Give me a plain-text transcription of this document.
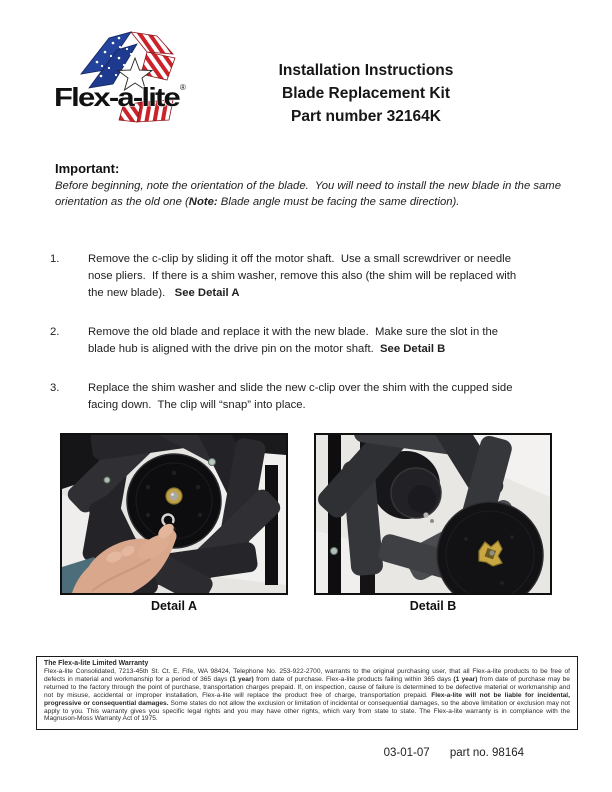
Flex-a-lite ®
Installation Instructions
Blade Replacement Kit
Part number 32164K
Important:
Before beginning, note the orientation of the blade.  You will need to install the new blade in the same orientation as the old one (Note: Blade angle must be facing the same direction).
1.	Remove the c-clip by sliding it off the motor shaft.  Use a small screwdriver or needle nose pliers.  If there is a shim washer, remove this also (the shim will be replaced with the new blade).   See Detail A
2.	Remove the old blade and replace it with the new blade.  Make sure the slot in the blade hub is aligned with the drive pin on the motor shaft.  See Detail B
3.	Replace the shim washer and slide the new c-clip over the shim with the cupped side facing down.  The clip will “snap” into place.
Detail A	Detail B
The Flex-a-lite Limited Warranty
Flex-a-lite Consolidated, 7213-45th St. Ct. E. Fife, WA 98424, Telephone No. 253-922-2700, warrants to the original purchasing user, that all Flex-a-lite products to be free of defects in material and workmanship for a period of 365 days (1 year) from date of purchase. Flex-a-lite products failing within 365 days (1 year) from date of purchase may be returned to the factory through the point of purchase, transportation charges prepaid. If, on inspection, cause of failure is determined to be defective material or workmanship and not by misuse, accidental or improper installation, Flex-a-lite will replace the product free of charge, transportation prepaid. Flex-a-lite will not be liable for incidental, progressive or consequential damages. Some states do not allow the exclusion or limitation of incidental or consequential damages, so the above limitation or exclusion may not apply to you. This warranty gives you specific legal rights and you may have other rights, which vary from state to state. The Flex-a-lite warranty is in compliance with the Magnuson-Moss Warranty Act of 1975.
03-01-07 part no. 98164
